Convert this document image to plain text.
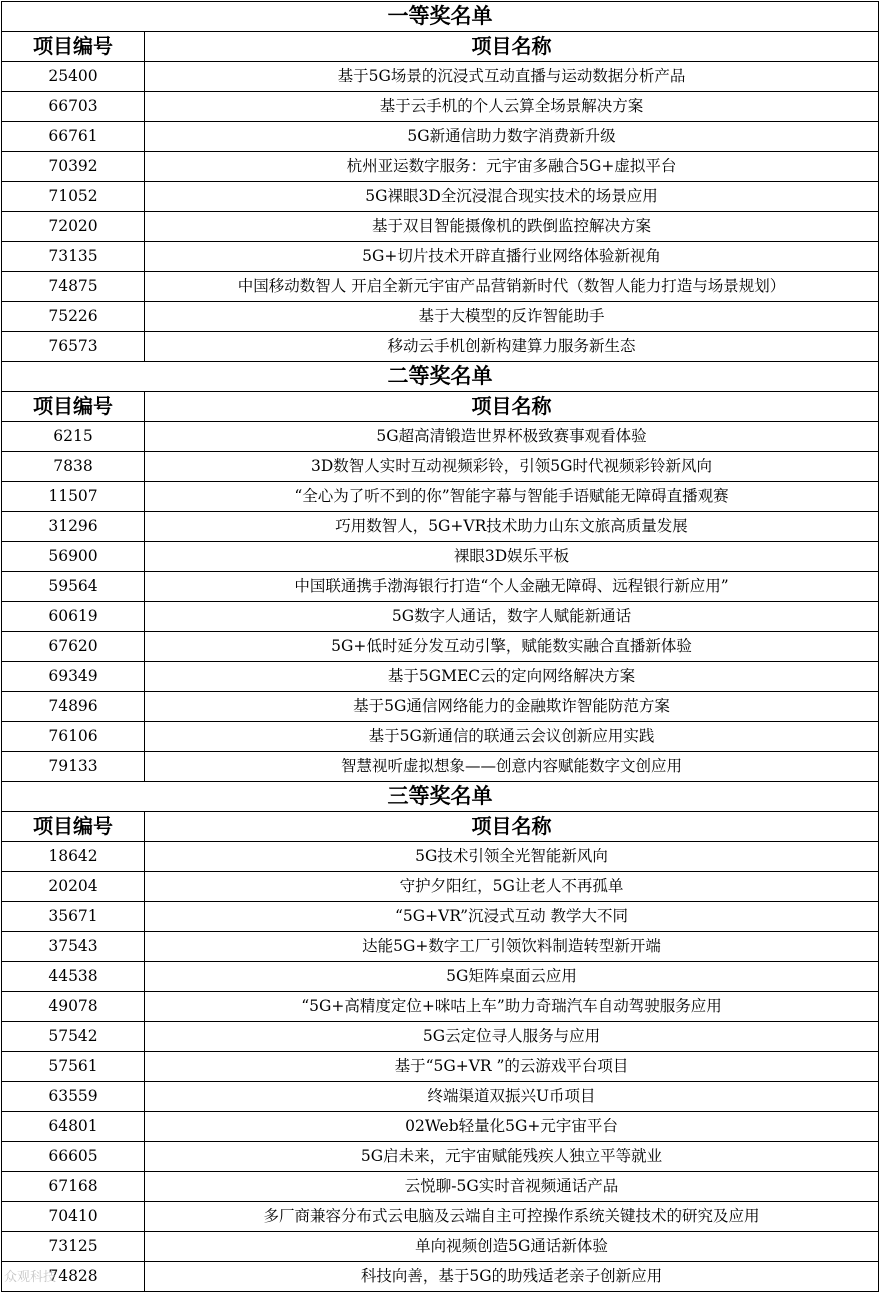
一等奖名单
项目编号	项目名称
25400	基于5G场景的沉浸式互动直播与运动数据分析产品
66703	基于云手机的个人云算全场景解决方案
66761	5G新通信助力数字消费新升级
70392	杭州亚运数字服务：元宇宙多融合5G+虚拟平台
71052	5G裸眼3D全沉浸混合现实技术的场景应用
72020	基于双目智能摄像机的跌倒监控解决方案
73135	5G+切片技术开辟直播行业网络体验新视角
74875	中国移动数智人 开启全新元宇宙产品营销新时代（数智人能力打造与场景规划）
75226	基于大模型的反诈智能助手
76573	移动云手机创新构建算力服务新生态
二等奖名单
项目编号	项目名称
6215	5G超高清锻造世界杯极致赛事观看体验
7838	3D数智人实时互动视频彩铃，引领5G时代视频彩铃新风向
11507	“全心为了听不到的你”智能字幕与智能手语赋能无障碍直播观赛
31296	巧用数智人，5G+VR技术助力山东文旅高质量发展
56900	裸眼3D娱乐平板
59564	中国联通携手渤海银行打造“个人金融无障碍、远程银行新应用”
60619	5G数字人通话，数字人赋能新通话
67620	5G+低时延分发互动引擎，赋能数实融合直播新体验
69349	基于5GMEC云的定向网络解决方案
74896	基于5G通信网络能力的金融欺诈智能防范方案
76106	基于5G新通信的联通云会议创新应用实践
79133	智慧视听虚拟想象——创意内容赋能数字文创应用
三等奖名单
项目编号	项目名称
18642	5G技术引领全光智能新风向
20204	守护夕阳红，5G让老人不再孤单
35671	“5G+VR”沉浸式互动 教学大不同
37543	达能5G+数字工厂引领饮料制造转型新开端
44538	5G矩阵桌面云应用
49078	“5G+高精度定位+咪咕上车”助力奇瑞汽车自动驾驶服务应用
57542	5G云定位寻人服务与应用
57561	基于“5G+VR ”的云游戏平台项目
63559	终端渠道双振兴U币项目
64801	02Web轻量化5G+元宇宙平台
66605	5G启未来，元宇宙赋能残疾人独立平等就业
67168	云悦聊-5G实时音视频通话产品
70410	多厂商兼容分布式云电脑及云端自主可控操作系统关键技术的研究及应用
73125	单向视频创造5G通话新体验
74828	科技向善，基于5G的助残适老亲子创新应用
众观科技
